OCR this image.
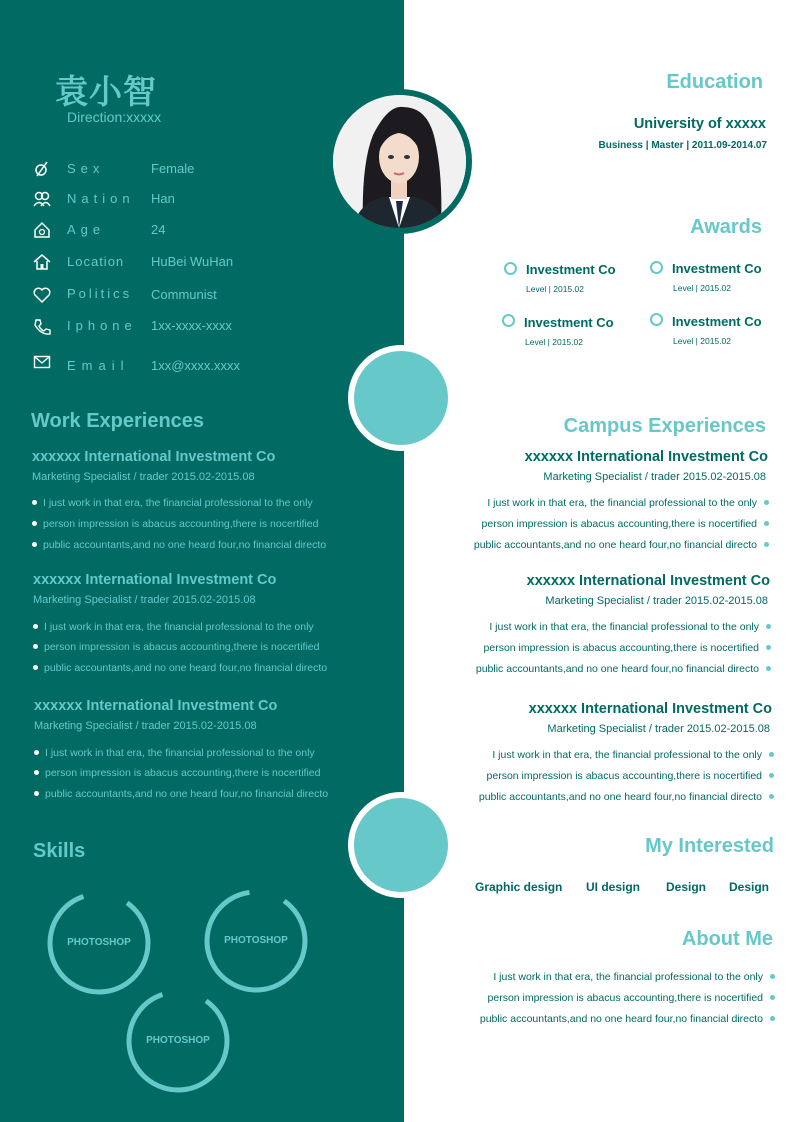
袁小智
Direction:xxxxx
Sex	Female
Nation Han
Age	24
Location HuBei WuHan
Politics Communist
Iphone 1xx-xxxx-xxxx
Email 1xx@xxxx.xxxx
Work Experiences
xxxxxx International Investment Co
Marketing Specialist / trader 2015.02-2015.08
I just work in that era, the financial professional to the only
person impression is abacus accounting,there is nocertified
public accountants,and no one heard four,no financial directo
xxxxxx International Investment Co
Marketing Specialist / trader 2015.02-2015.08
I just work in that era, the financial professional to the only
person impression is abacus accounting,there is nocertified
public accountants,and no one heard four,no financial directo
xxxxxx International Investment Co
Marketing Specialist / trader 2015.02-2015.08
I just work in that era, the financial professional to the only
person impression is abacus accounting,there is nocertified
public accountants,and no one heard four,no financial directo
Skills
PHOTOSHOP	PHOTOSHOP
PHOTOSHOP
Education
University of xxxxx
Business | Master | 2011.09-2014.07
Awards
Investment Co
Level | 2015.02
Investment Co
Level | 2015.02
Investment Co
Level | 2015.02
Investment Co
Level | 2015.02
Campus Experiences
xxxxxx International Investment Co
Marketing Specialist / trader 2015.02-2015.08
I just work in that era, the financial professional to the only
person impression is abacus accounting,there is nocertified
public accountants,and no one heard four,no financial directo
xxxxxx International Investment Co
Marketing Specialist / trader 2015.02-2015.08
I just work in that era, the financial professional to the only
person impression is abacus accounting,there is nocertified
public accountants,and no one heard four,no financial directo
xxxxxx International Investment Co
Marketing Specialist / trader 2015.02-2015.08
I just work in that era, the financial professional to the only
person impression is abacus accounting,there is nocertified
public accountants,and no one heard four,no financial directo
My Interested
Graphic design UI design Design Design
About Me
I just work in that era, the financial professional to the only
person impression is abacus accounting,there is nocertified
public accountants,and no one heard four,no financial directo
